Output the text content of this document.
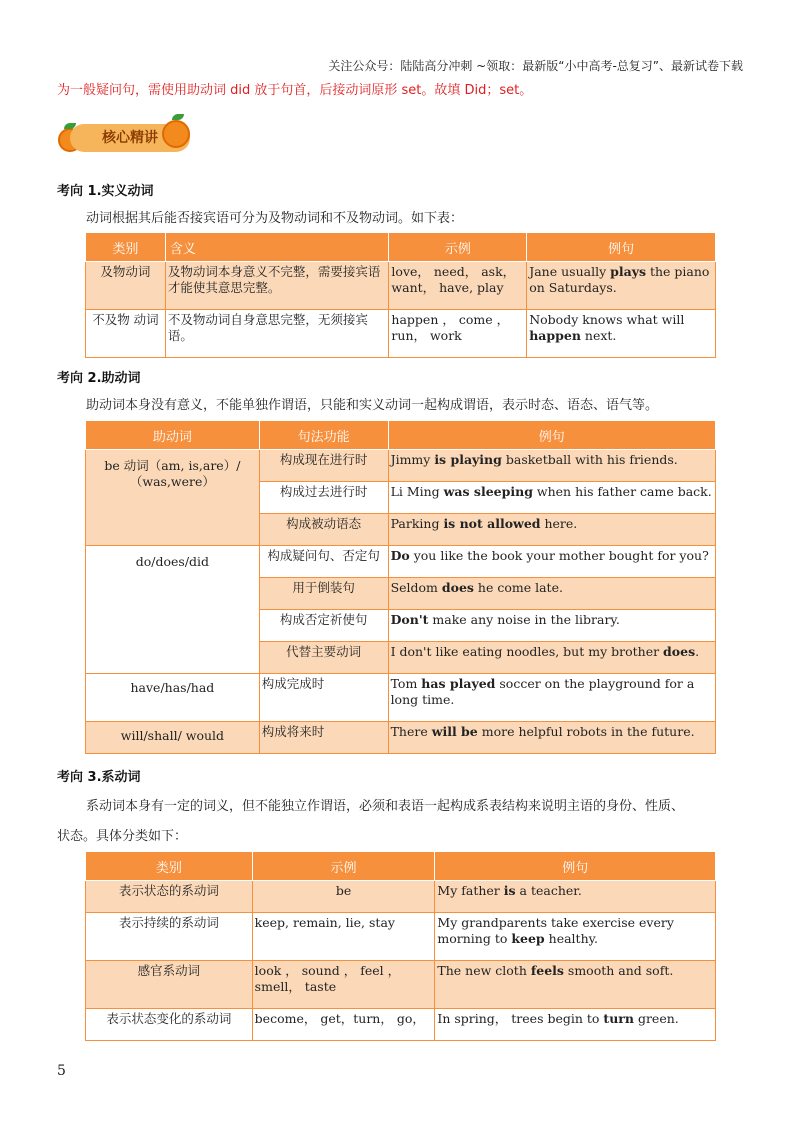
关注公众号：陆陆高分冲刺 ~领取：最新版“小中高考-总复习”、最新试卷下载
为一般疑问句，需使用助动词 did 放于句首，后接动词原形 set。故填 Did；set。
核心精讲
考向 1.实义动词
动词根据其后能否接宾语可分为及物动词和不及物动词。如下表：
类别	含义	示例	例句
及物动词	及物动词本身意义不完整，需要接宾语才能使其意思完整。	love， need， ask，want， have, play	Jane usually plays the piano on Saturdays.
不及物 动词	不及物动词自身意思完整，无须接宾语。	happen ， come ，run， work	Nobody knows what will happen next.
考向 2.助动词
助动词本身没有意义，不能单独作谓语，只能和实义动词一起构成谓语，表示时态、语态、语气等。
助动词	句法功能	例句
be 动词（am, is,are）/（was,were）	构成现在进行时	Jimmy is playing basketball with his friends.
	构成过去进行时	Li Ming was sleeping when his father came back.
	构成被动语态	Parking is not allowed here.
do/does/did	构成疑问句、否定句	Do you like the book your mother bought for you?
	用于倒装句	Seldom does he come late.
	构成否定祈使句	Don't make any noise in the library.
	代替主要动词	I don't like eating noodles, but my brother does.
have/has/had	构成完成时	Tom has played soccer on the playground for a long time.
will/shall/ would	构成将来时	There will be more helpful robots in the future.
考向 3.系动词
系动词本身有一定的词义，但不能独立作谓语，必须和表语一起构成系表结构来说明主语的身份、性质、
状态。具体分类如下：
类别	示例	例句
表示状态的系动词	be	My father is a teacher.
表示持续的系动词	keep, remain, lie, stay	My grandparents take exercise every morning to keep healthy.
感官系动词	look ， sound ， feel ，smell， taste	The new cloth feels smooth and soft.
表示状态变化的系动词	become， get，turn， go，	In spring， trees begin to turn green.
5
